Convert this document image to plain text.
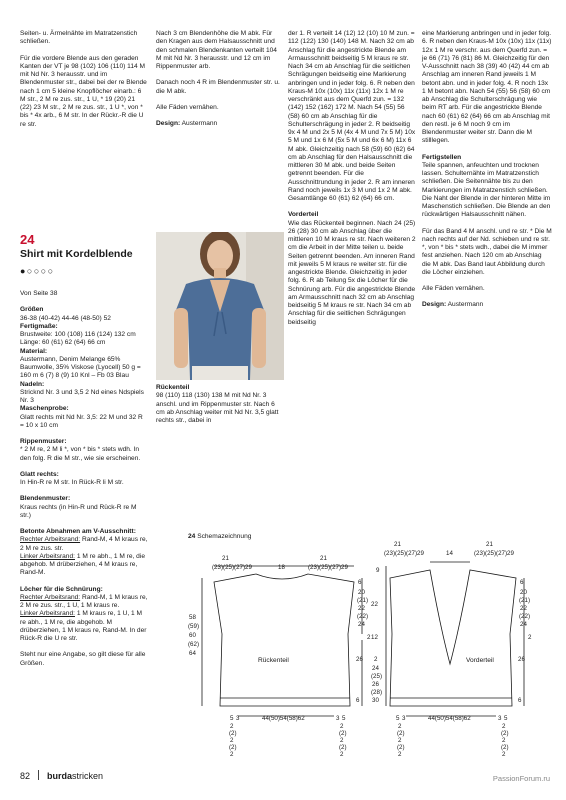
Seiten- u. Ärmelnähte im Matratzenstich schließen.

Für die vordere Blende aus den geraden Kanten der VT je 98 (102) 106 (110) 114 M mit Nd Nr. 3 herausstr. und im Blendenmuster str., dabei bei der re Blende nach 1 cm 5 kleine Knopflöcher einarb.: 6 M str., 2 M re zus. str., 1 U, * 19 (20) 21 (22) 23 M str., 2 M re zus. str., 1 U *, von * bis * 4x arb., 6 M str. In der Rückr.-R die U re str.

Nach 3 cm Blendenhöhe die M abk. Für den Kragen aus dem Halsausschnitt und den schmalen Blendenkanten verteilt 104 M mit Nd Nr. 3 herausstr. und 12 cm im Rippenmuster arb.

Danach noch 4 R im Blendenmuster str. u. die M abk.

Alle Fäden vernähen.

Design: Austermann

24
Shirt mit Kordelblende
●○○○○

Von Seite 38

Größen
36-38 (40-42) 44-46 (48-50) 52
Fertigmaße:
Brustweite: 100 (108) 116 (124) 132 cm Länge: 60 (61) 62 (64) 66 cm
Material:
Austermann, Denim Melange 65% Baumwolle, 35% Viskose (Lyocell) 50 g = 160 m 6 (7) 8 (9) 10 Knl – Fb 03 Blau
Nadeln:
Stricknd Nr. 3 und 3,5 2 Nd eines Ndspiels Nr. 3
Maschenprobe:

Glatt rechts mit Nd Nr. 3,5: 22 M und 32 R = 10 x 10 cm

Rippenmuster:

* 2 M re, 2 M li *, von * bis * stets wdh. In den folg. R die M str., wie sie erscheinen.

Glatt rechts:

In Hin-R re M str. In Rück-R li M str.

Blendenmuster:

Kraus rechts (in Hin-R und Rück-R re M str.)

Betonte Abnahmen am V-Ausschnitt:
Rechter Arbeitsrand: Rand-M, 4 M kraus re, 2 M re zus. str.

Linker Arbeitsrand: 1 M re abh., 1 M re, die abgehob. M drüberziehen, 4 M kraus re, Rand-M.

Löcher für die Schnürung:
Rechter Arbeitsrand: Rand-M, 1 M kraus re, 2 M re zus. str., 1 U, 1 M kraus re.

Linker Arbeitsrand: 1 M kraus re, 1 U, 1 M re abh., 1 M re, die abgehob. M drüberziehen, 1 M kraus re, Rand-M. In der Rück-R die U re str.

Steht nur eine Angabe, so gilt diese für alle Größen.

Rückenteil
98 (110) 118 (130) 138 M mit Nd Nr. 3 anschl. und im Rippenmuster str. Nach 6 cm ab Anschlag weiter mit Nd Nr. 3,5 glatt rechts str., dabei in

der 1. R verteilt 14 (12) 12 (10) 10 M zun. = 112 (122) 130 (140) 148 M. Nach 32 cm ab Anschlag für die angestrickte Blende am Armausschnitt beidseitig 5 M kraus re str. Nach 34 cm ab Anschlag für die seitlichen Schrägungen beidseitig eine Markierung anbringen und in jeder folg. 6. R neben den Kraus-M 10x (10x) 11x (11x) 12x 1 M re verschränkt aus dem Querfd zun. = 132 (142) 152 (162) 172 M. Nach 54 (55) 56 (58) 60 cm ab Anschlag für die Schulterschrägung in jeder 2. R beidseitig 9x 4 M und 2x 5 M (4x 4 M und 7x 5 M) 10x 5 M und 1x 6 M (5x 5 M und 6x 6 M) 11x 6 M abk. Gleichzeitig nach 58 (59) 60 (62) 64 cm ab Anschlag für den Halsausschnitt die mittleren 30 M abk. und beide Seiten getrennt beenden. Für die Ausschnittrundung in jeder 2. R am inneren Rand noch jeweils 1x 3 M und 1x 2 M abk. Gesamtlänge 60 (61) 62 (64) 66 cm.

Vorderteil
Wie das Rückenteil beginnen. Nach 24 (25) 26 (28) 30 cm ab Anschlag über die mittleren 10 M kraus re str. Nach weiteren 2 cm die Arbeit in der Mitte teilen u. beide Seiten getrennt beenden. Am inneren Rand mit jeweils 5 M kraus re weiter str. für die angestrickte Blende. Gleichzeitig in jeder folg. 6. R ab Teilung 5x die Löcher für die Schnürung arb. Für die angestrickte Blende am Armausschnitt nach 32 cm ab Anschlag beidseitig 5 M kraus re str. Nach 34 cm ab Anschlag für die seitlichen Schrägungen beidseitig

eine Markierung anbringen und in jeder folg. 6. R neben den Kraus-M 10x (10x) 11x (11x) 12x 1 M re verschr. aus dem Querfd zun. = je 66 (71) 76 (81) 86 M. Gleichzeitig für den V-Ausschnitt nach 38 (39) 40 (42) 44 cm ab Anschlag am inneren Rand jeweils 1 M betont abn. und in jeder folg. 4. R noch 13x 1 M betont abn. Nach 54 (55) 56 (58) 60 cm ab Anschlag die Schulterschrägung wie beim RT arb. Für die angestrickte Blende nach 60 (61) 62 (64) 66 cm ab Anschlag mit den restl. je 6 M noch 9 cm im Blendenmuster weiter str. Dann die M stilllegen.

Fertigstellen

Teile spannen, anfeuchten und trocknen lassen. Schulternähte im Matratzenstich schließen. Die Seitennähte bis zu den Markierungen im Matratzenstich schließen. Die Naht der Blende in der hinteren Mitte im Maschenstich schließen. Die Blende an den rückwärtigen Halsausschnitt nähen.

Für das Band 4 M anschl. und re str. * Die M nach rechts auf der Nd. schieben und re str. *, von * bis * stets wdh., dabei die M immer fest anziehen. Nach 120 cm ab Anschlag die M abk. Das Band laut Abbildung durch die Löcher einziehen.

Alle Fäden vernähen.

Design: Austermann

24 Schemazeichnung
21
(23)(25)(27)29	18
21
(23)(25)(27)29
58
(59)
60
(62)
64
Rückenteil
6
20
(21)
22
(22)
24
2
26
6
5 3	44(50)54(58)62	3 5
2
(2)
2
(2)
2
2
(2)
2
(2)
2
21
(23)(25)(27)29	14
21
(23)(25)(27)29
9
22
12
2
24
(25)
26
(28)
30
Vorderteil
6
20
(21)
22
(22)
24
2
26
6
5 3	44(50)54(58)62	3 5
2
(2)
2
(2)
2
2
(2)
2
(2)
2
82 burdastricken	PassionForum.ru
